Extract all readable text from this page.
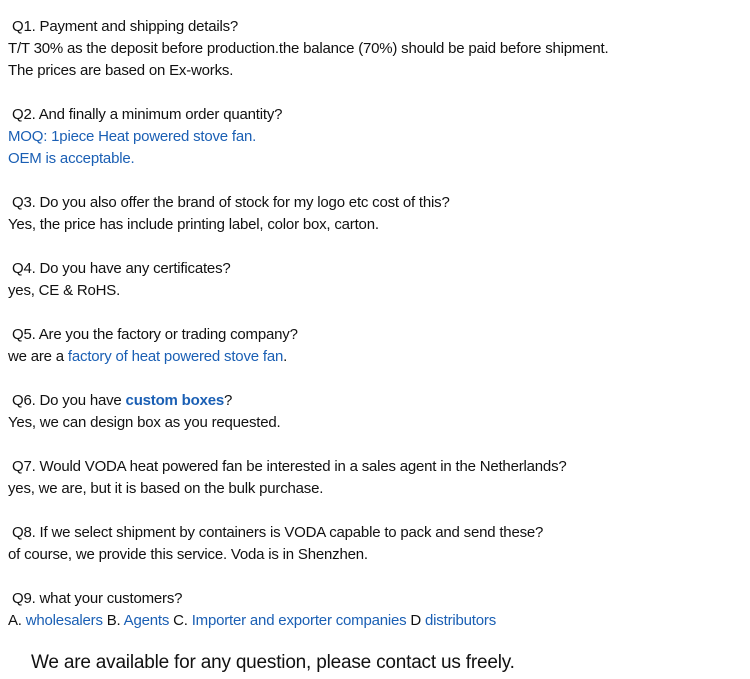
Q1. Payment and shipping details?
T/T 30% as the deposit before production.the balance (70%) should be paid before shipment.
The prices are based on Ex-works.
Q2. And finally a minimum order quantity?
MOQ: 1piece Heat powered stove fan.
OEM is acceptable.
Q3. Do you also offer the brand of stock for my logo etc cost of this?
Yes, the price has include printing label, color box, carton.
Q4. Do you have any certificates?
yes, CE & RoHS.
Q5. Are you the factory or trading company?
we are a factory of heat powered stove fan.
Q6. Do you have custom boxes?
Yes, we can design box as you requested.
Q7. Would VODA heat powered fan be interested in a sales agent in the Netherlands?
yes, we are, but it is based on the bulk purchase.
Q8. If we select shipment by containers is VODA capable to pack and send these?
of course, we provide this service. Voda is in Shenzhen.
Q9. what your customers?
A. wholesalers B. Agents C. Importer and exporter companies D distributors
We are available for any question, please contact us freely.
